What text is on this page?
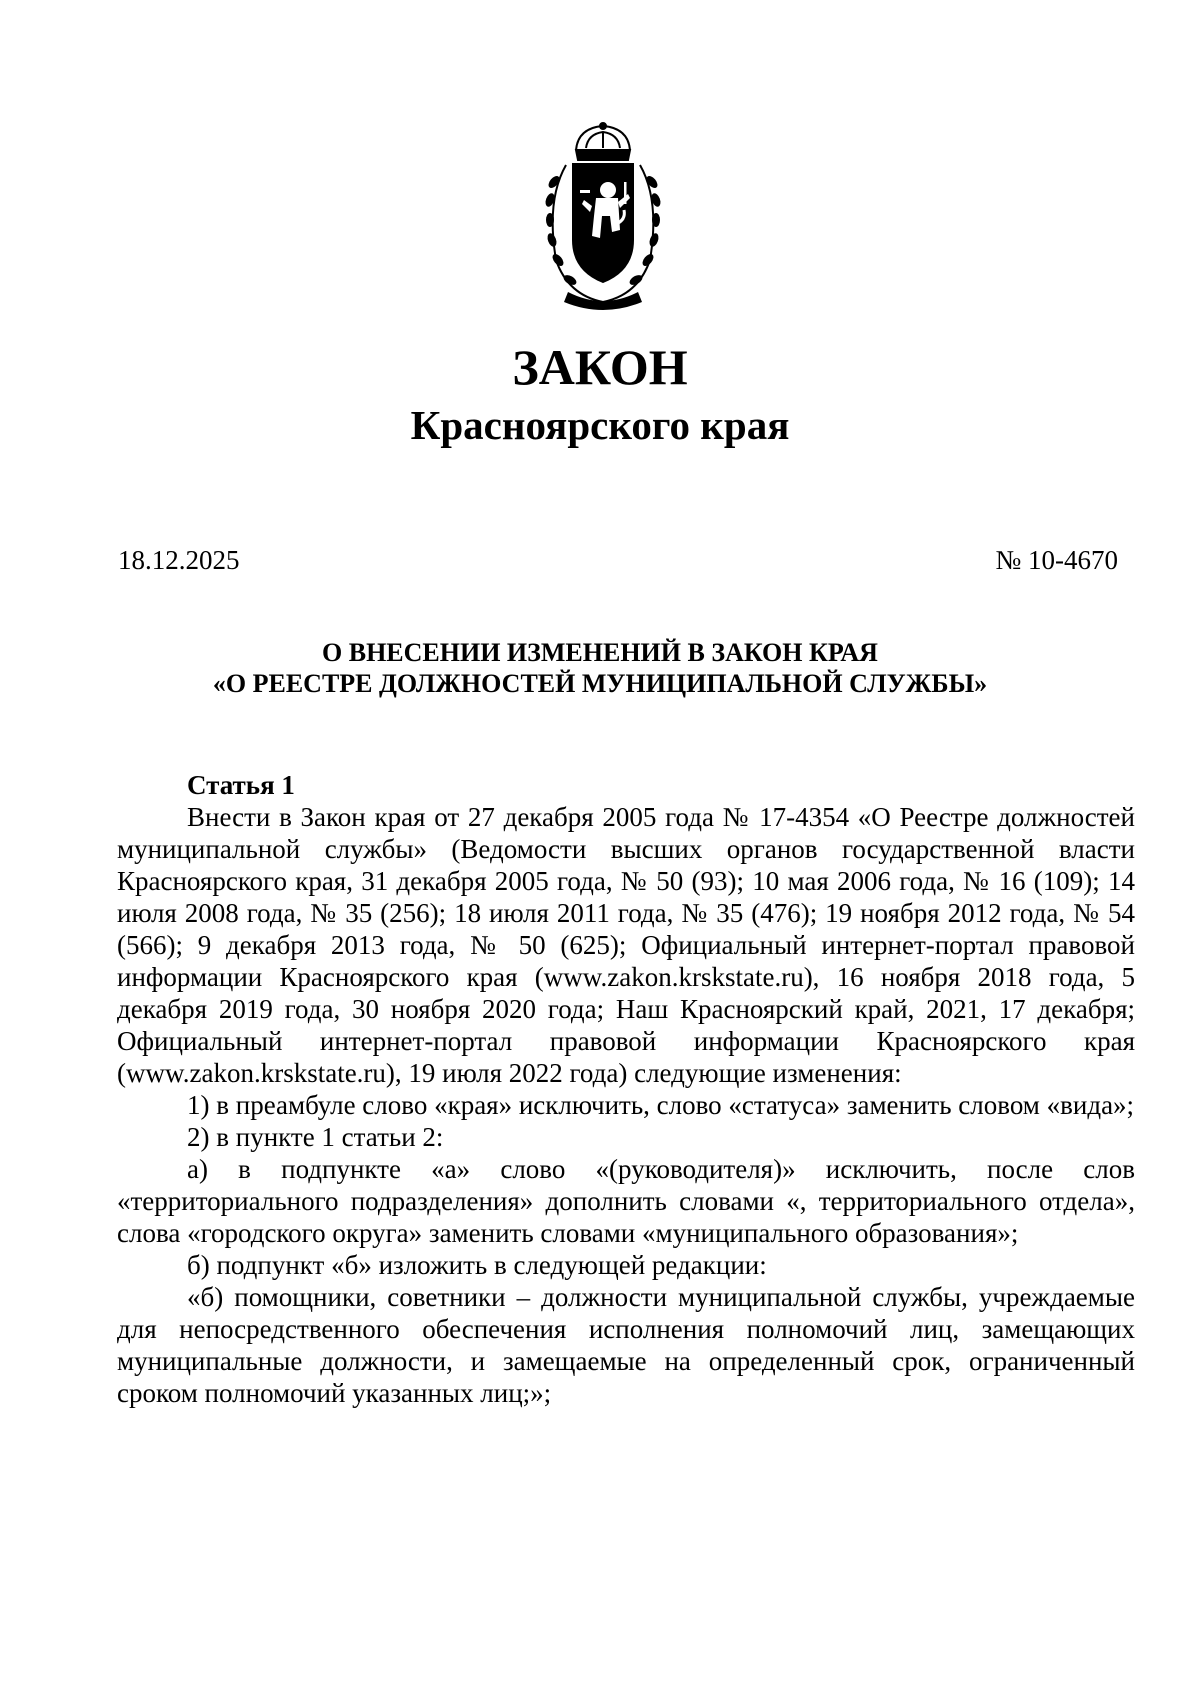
ЗАКОН
Красноярского края
18.12.2025	№ 10-4670
О ВНЕСЕНИИ ИЗМЕНЕНИЙ В ЗАКОН КРАЯ
«О РЕЕСТРЕ ДОЛЖНОСТЕЙ МУНИЦИПАЛЬНОЙ СЛУЖБЫ»

Статья 1

Внести в Закон края от 27 декабря 2005 года № 17-4354 «О Реестре должностей муниципальной службы» (Ведомости высших органов государственной власти Красноярского края, 31 декабря 2005 года, № 50 (93); 10 мая 2006 года, № 16 (109); 14 июля 2008 года, № 35 (256); 18 июля 2011 года, № 35 (476); 19 ноября 2012 года, № 54 (566); 9 декабря 2013 года, № 50 (625); Официальный интернет-портал правовой информации Красноярского края (www.zakon.krskstate.ru), 16 ноября 2018 года, 5 декабря 2019 года, 30 ноября 2020 года; Наш Красноярский край, 2021, 17 декабря; Официальный интернет-портал правовой информации Красноярского края (www.zakon.krskstate.ru), 19 июля 2022 года) следующие изменения:

1) в преамбуле слово «края» исключить, слово «статуса» заменить словом «вида»;

2) в пункте 1 статьи 2:

а) в подпункте «а» слово «(руководителя)» исключить, после слов «территориального подразделения» дополнить словами «, территориального отдела», слова «городского округа» заменить словами «муниципального образования»;

б) подпункт «б» изложить в следующей редакции:

«б) помощники, советники – должности муниципальной службы, учреждаемые для непосредственного обеспечения исполнения полномочий лиц, замещающих муниципальные должности, и замещаемые на определенный срок, ограниченный сроком полномочий указанных лиц;»;
